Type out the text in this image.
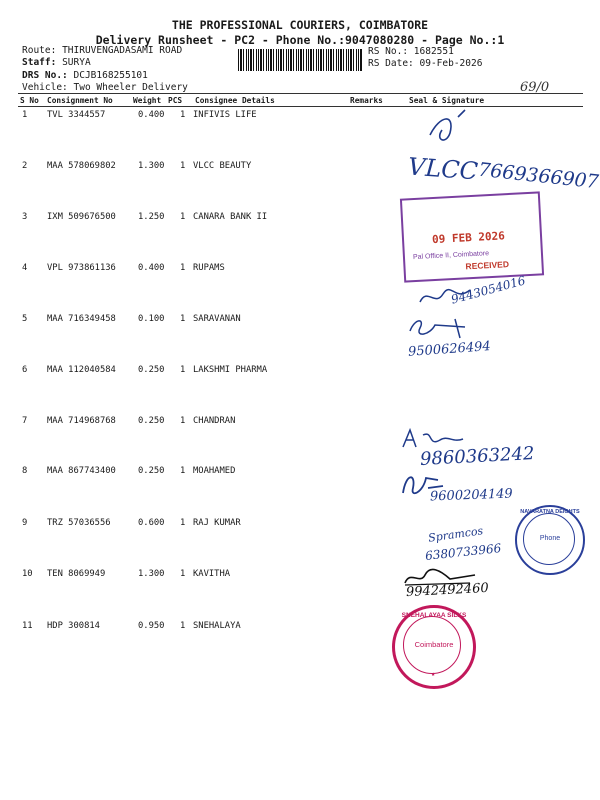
THE PROFESSIONAL COURIERS, COIMBATORE
Delivery Runsheet - PC2 - Phone No.:9047080280 - Page No.:1
Route: THIRUVENGADASAMI ROAD
Staff: SURYA
DRS No.: DCJB168255101
Vehicle: Two Wheeler Delivery
RS No.: 1682551
RS Date: 09-Feb-2026
69/0
S No Consignment No	Weight PCS Consignee Details	Remarks	Seal & Signature
1 TVL 3344557	0.400 1 INFIVIS LIFE
2 MAA 578069802	1.300 1 VLCC BEAUTY
3 IXM 509676500	1.250 1 CANARA BANK II
4 VPL 973861136	0.400 1 RUPAMS
5 MAA 716349458	0.100 1 SARAVANAN
6 MAA 112040584	0.250 1 LAKSHMI PHARMA
7 MAA 714968768	0.250 1 CHANDRAN
8 MAA 867743400	0.250 1 MOAHAMED
9 TRZ 57036556	0.600 1 RAJ KUMAR
10 TEN 8069949	1.300 1 KAVITHA
11 HDP 300814	0.950 1 SNEHALAYA
VLCC
7669366907
09 FEB 2026
Pal Office II, Coimbatore
RECEIVED
9443054016
9500626494
9860363242
9600204149
Spramcos
6380733966
NAVARATNA DEIGHTS
Phone
9942492460
SNEHALAYAA SILKS
Coimbatore
★
